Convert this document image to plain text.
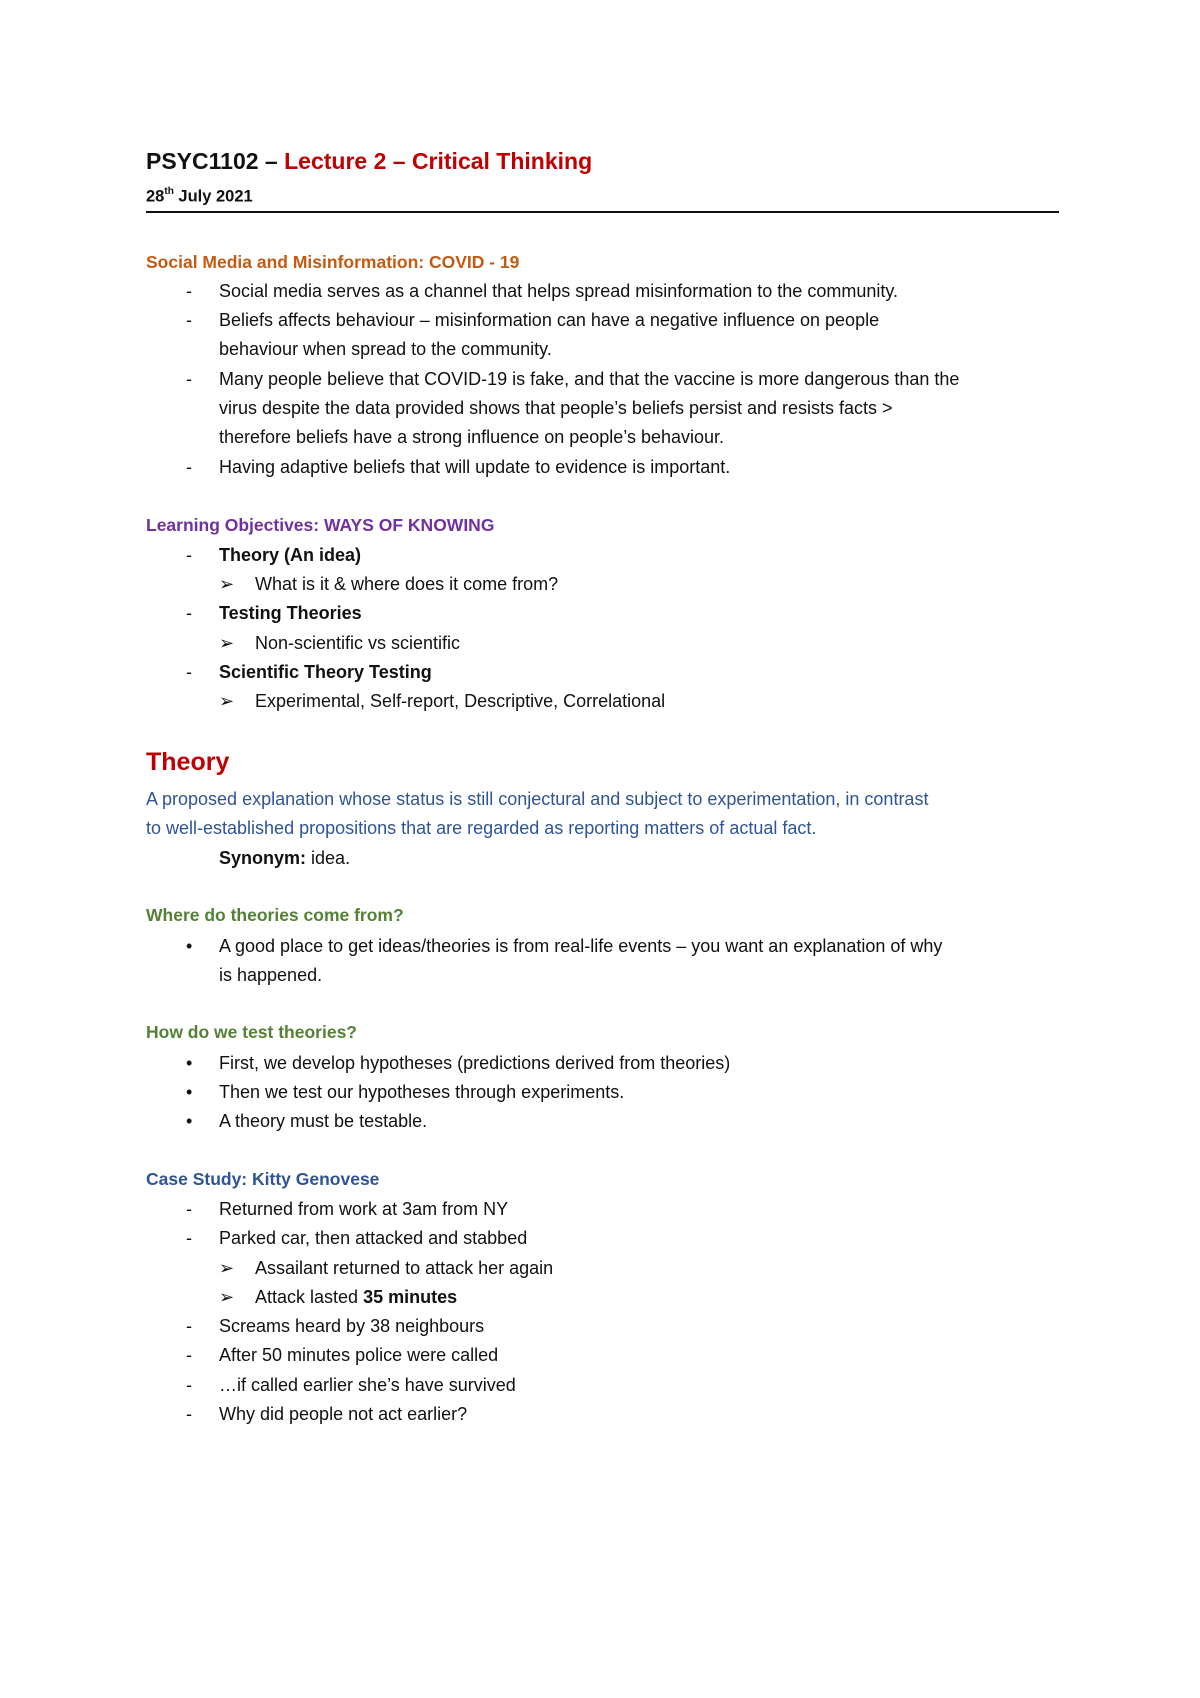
PSYC1102 – Lecture 2 – Critical Thinking
28th July 2021
Social Media and Misinformation: COVID - 19
- Social media serves as a channel that helps spread misinformation to the community.
- Beliefs affects behaviour – misinformation can have a negative influence on people
behaviour when spread to the community.
- Many people believe that COVID-19 is fake, and that the vaccine is more dangerous than the
virus despite the data provided shows that people’s beliefs persist and resists facts >
therefore beliefs have a strong influence on people’s behaviour.
- Having adaptive beliefs that will update to evidence is important.
Learning Objectives: WAYS OF KNOWING
- Theory (An idea)
➢ What is it & where does it come from?
- Testing Theories
➢ Non-scientific vs scientific
- Scientific Theory Testing
➢ Experimental, Self-report, Descriptive, Correlational
Theory
A proposed explanation whose status is still conjectural and subject to experimentation, in contrast
to well-established propositions that are regarded as reporting matters of actual fact.
Synonym: idea.
Where do theories come from?
• A good place to get ideas/theories is from real-life events – you want an explanation of why
is happened.
How do we test theories?
• First, we develop hypotheses (predictions derived from theories)
• Then we test our hypotheses through experiments.
• A theory must be testable.
Case Study: Kitty Genovese
- Returned from work at 3am from NY
- Parked car, then attacked and stabbed
➢ Assailant returned to attack her again
➢ Attack lasted 35 minutes
- Screams heard by 38 neighbours
- After 50 minutes police were called
- …if called earlier she’s have survived
- Why did people not act earlier?
